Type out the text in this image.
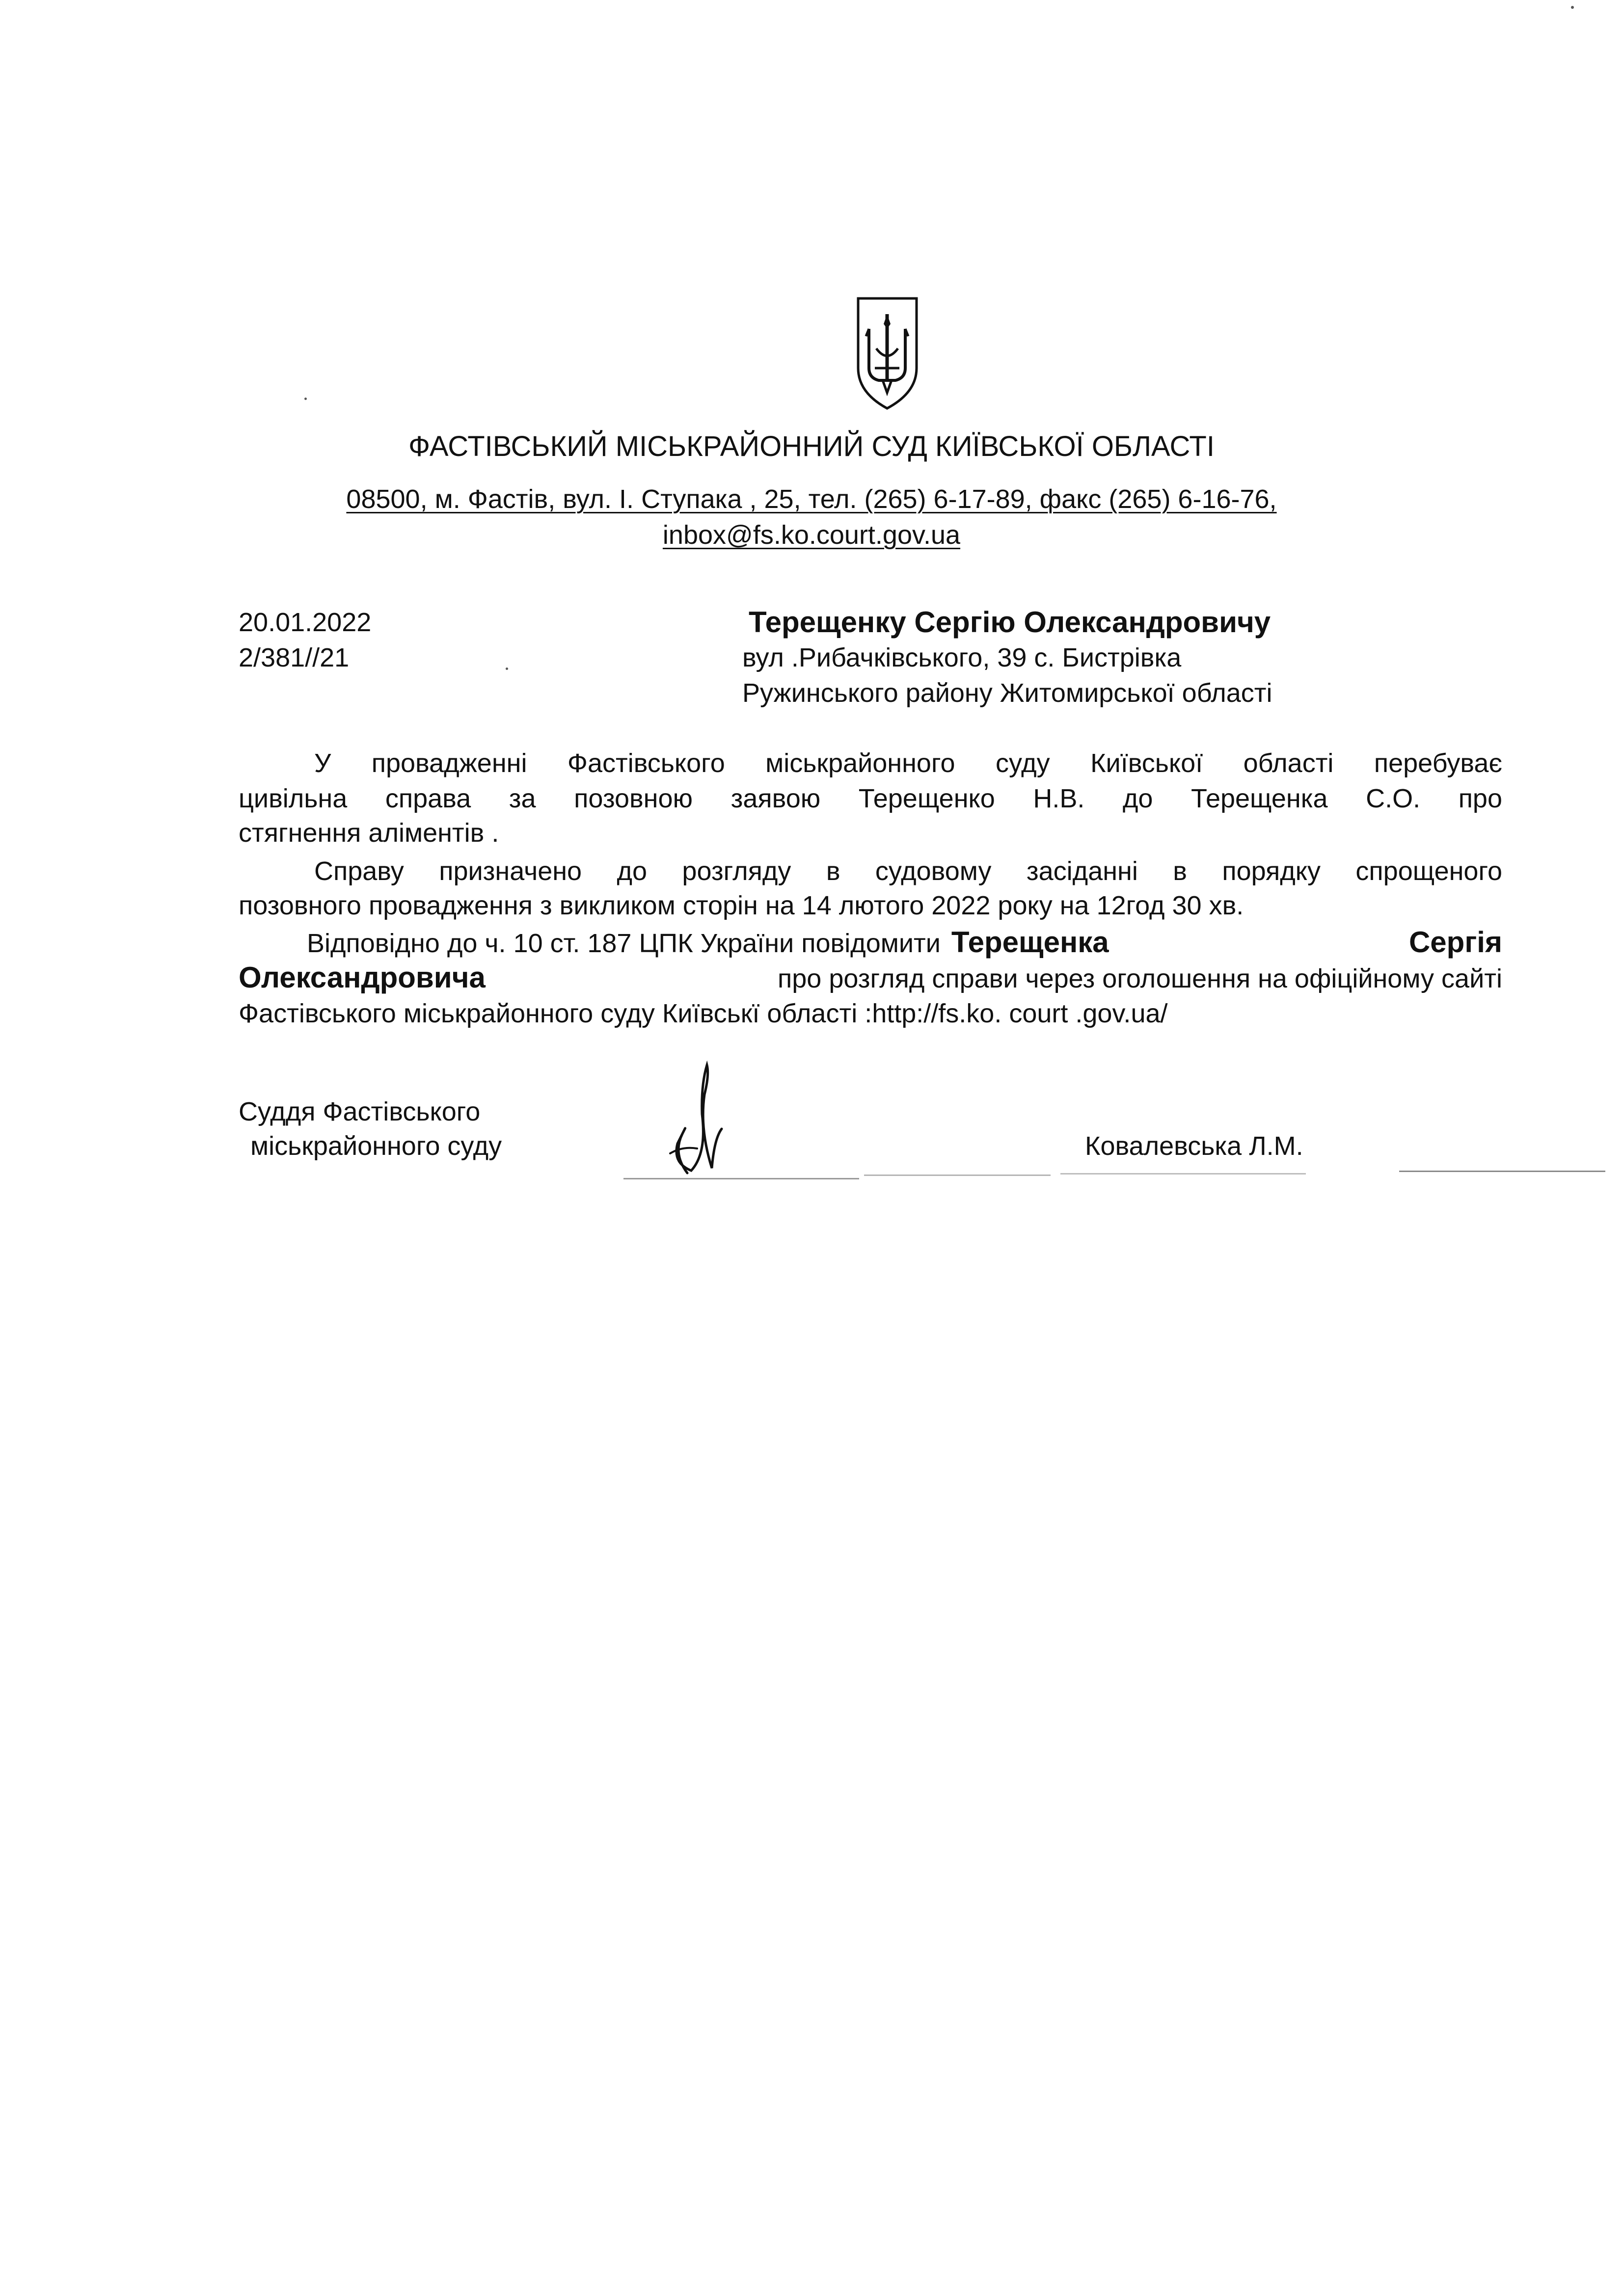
ФАСТІВСЬКИЙ МІСЬКРАЙОННИЙ СУД КИЇВСЬКОЇ ОБЛАСТІ
08500, м. Фастів, вул. І. Ступака , 25, тел. (265) 6-17-89, факс (265) 6-16-76,
inbox@fs.ko.court.gov.ua
20.01.2022
2/381//21
Терещенку Сергію Олександровичу
вул .Рибачківського, 39 с. Бистрівка
Ружинського району Житомирської області
У провадженні Фастівського міськрайонного суду Київської області перебуває
цивільна справа за позовною заявою Терещенко Н.В. до Терещенка С.О. про
стягнення аліментів .
Справу призначено до розгляду в судовому засіданні в порядку спрощеного
позовного провадження з викликом сторін на 14 лютого 2022 року на 12год 30 хв.
Відповідно до ч. 10 ст. 187 ЦПК України повідомити Терещенка	Сергія
Олександровича	про розгляд справи через оголошення на офіційному сайті
Фастівського міськрайонного суду Київськї області :http://fs.ko. court .gov.ua/
Суддя Фастівського
міськрайонного суду	Ковалевська Л.М.
